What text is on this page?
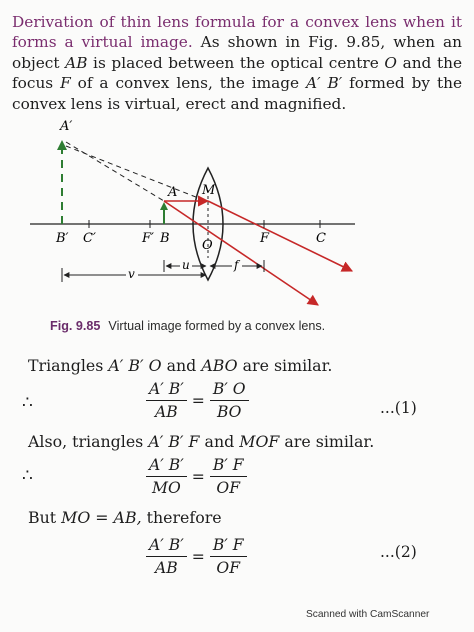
Derivation of thin lens formula for a convex lens when it forms a virtual image. As shown in Fig. 9.85, when an object AB is placed between the optical centre O and the focus F of a convex lens, the image A′ B′ formed by the convex lens is virtual, erect and magnified.

A′
A M
B′ C′	F′ B O	F	C
u	f
v
Fig. 9.85 Virtual image formed by a convex lens.
Triangles A′ B′ O and ABO are similar.
∴	$\frac{A' B'}{AB} = \frac{B' O}{BO}$	...(1)
Also, triangles A′ B′ F and MOF are similar.
∴	$\frac{A' B'}{MO} = \frac{B' F}{OF}$
But MO = AB, therefore
$\frac{A' B'}{AB} = \frac{B' F}{OF}$	...(2)
Scanned with CamScanner
